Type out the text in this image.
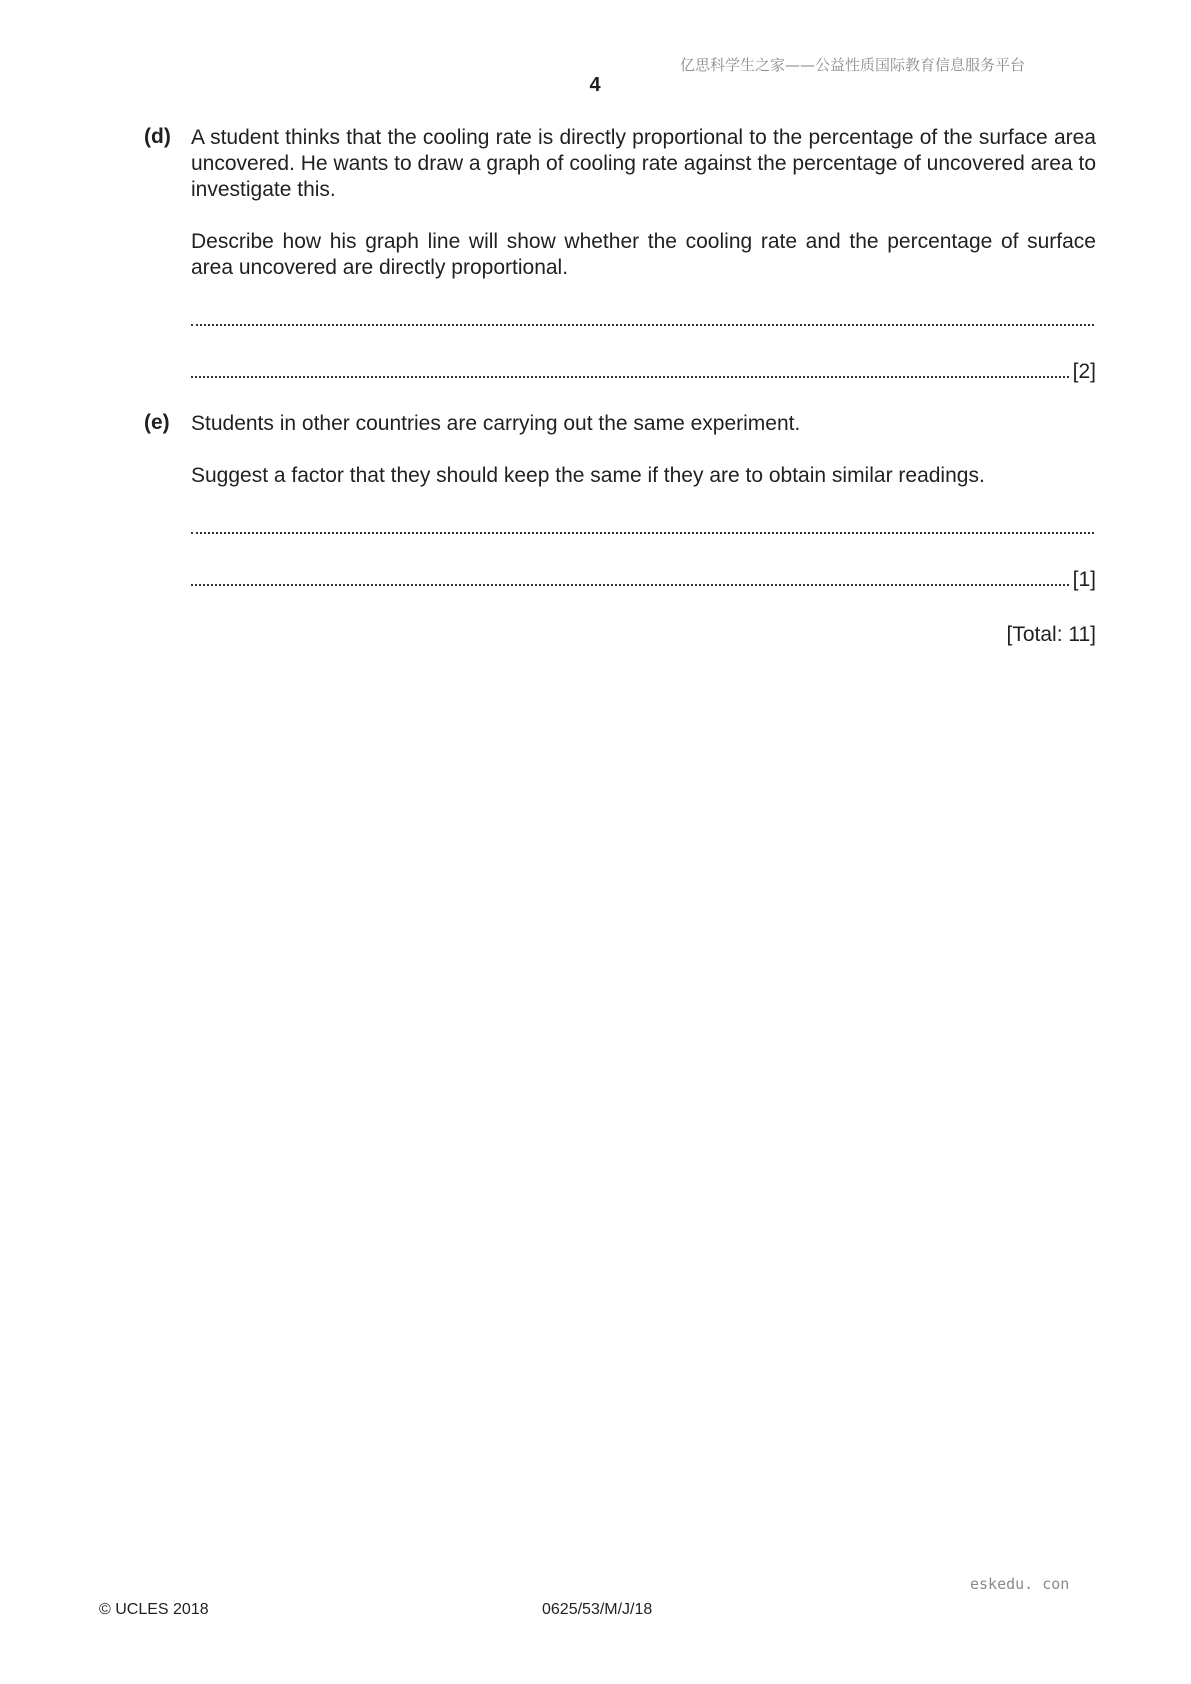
亿思科学生之家——公益性质国际教育信息服务平台
4
(d) A student thinks that the cooling rate is directly proportional to the percentage of the surface area uncovered. He wants to draw a graph of cooling rate against the percentage of uncovered area to investigate this.
Describe how his graph line will show whether the cooling rate and the percentage of surface area uncovered are directly proportional.
[2]
(e) Students in other countries are carrying out the same experiment.
Suggest a factor that they should keep the same if they are to obtain similar readings.
[1]
[Total: 11]
eskedu. con
© UCLES 2018	0625/53/M/J/18
